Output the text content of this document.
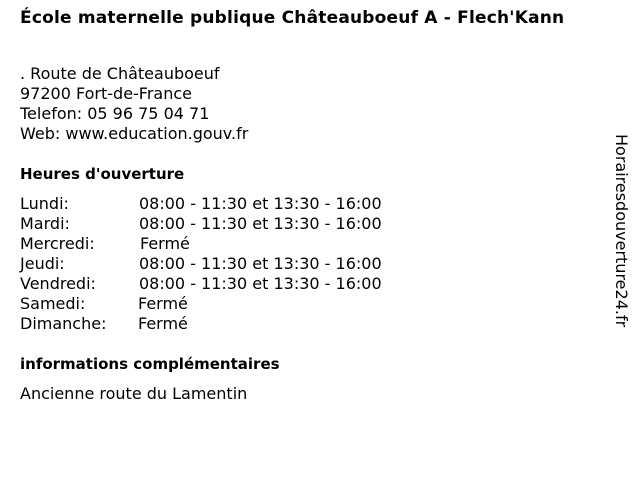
École maternelle publique Châteauboeuf A - Flech'Kann
. Route de Châteauboeuf
97200 Fort-de-France
Telefon: 05 96 75 04 71
Web: www.education.gouv.fr
Heures d'ouverture
Lundi:	08:00 - 11:30 et 13:30 - 16:00
Mardi:	08:00 - 11:30 et 13:30 - 16:00
Mercredi:	Fermé
Jeudi:	08:00 - 11:30 et 13:30 - 16:00
Vendredi:	08:00 - 11:30 et 13:30 - 16:00
Samedi:	Fermé
Dimanche: Fermé
informations complémentaires
Ancienne route du Lamentin
Horairesdouverture24.fr
